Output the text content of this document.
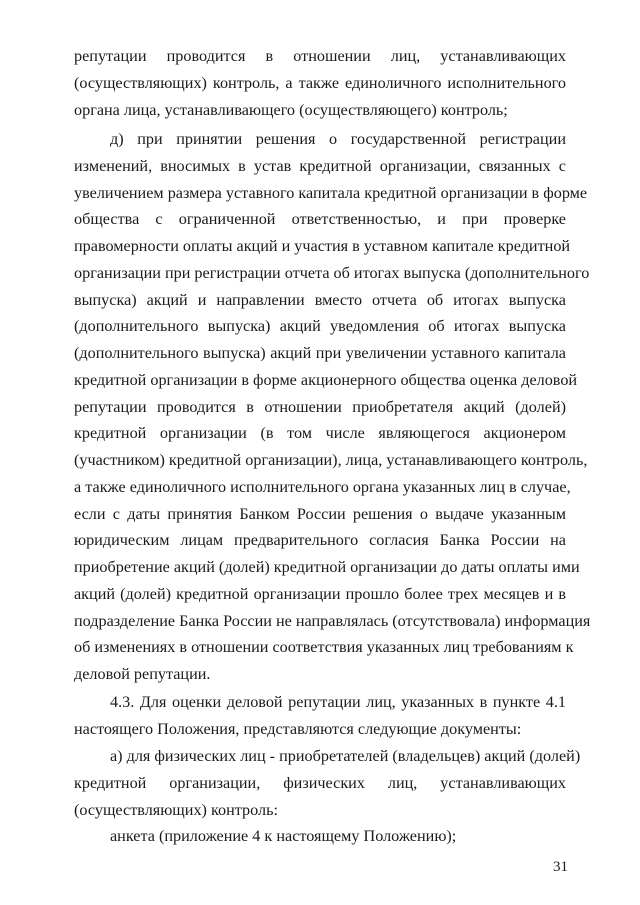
репутации проводится в отношении лиц, устанавливающих
(осуществляющих) контроль, а также единоличного исполнительного
органа лица, устанавливающего (осуществляющего) контроль;
д) при принятии решения о государственной регистрации
изменений, вносимых в устав кредитной организации, связанных с
увеличением размера уставного капитала кредитной организации в форме
общества с ограниченной ответственностью, и при проверке
правомерности оплаты акций и участия в уставном капитале кредитной
организации при регистрации отчета об итогах выпуска (дополнительного
выпуска) акций и направлении вместо отчета об итогах выпуска
(дополнительного выпуска) акций уведомления об итогах выпуска
(дополнительного выпуска) акций при увеличении уставного капитала
кредитной организации в форме акционерного общества оценка деловой
репутации проводится в отношении приобретателя акций (долей)
кредитной организации (в том числе являющегося акционером
(участником) кредитной организации), лица, устанавливающего контроль,
а также единоличного исполнительного органа указанных лиц в случае,
если с даты принятия Банком России решения о выдаче указанным
юридическим лицам предварительного согласия Банка России на
приобретение акций (долей) кредитной организации до даты оплаты ими
акций (долей) кредитной организации прошло более трех месяцев и в
подразделение Банка России не направлялась (отсутствовала) информация
об изменениях в отношении соответствия указанных лиц требованиям к
деловой репутации.
4.3. Для оценки деловой репутации лиц, указанных в пункте 4.1
настоящего Положения, представляются следующие документы:
а) для физических лиц - приобретателей (владельцев) акций (долей)
кредитной организации, физических лиц, устанавливающих
(осуществляющих) контроль:
анкета (приложение 4 к настоящему Положению);
31
